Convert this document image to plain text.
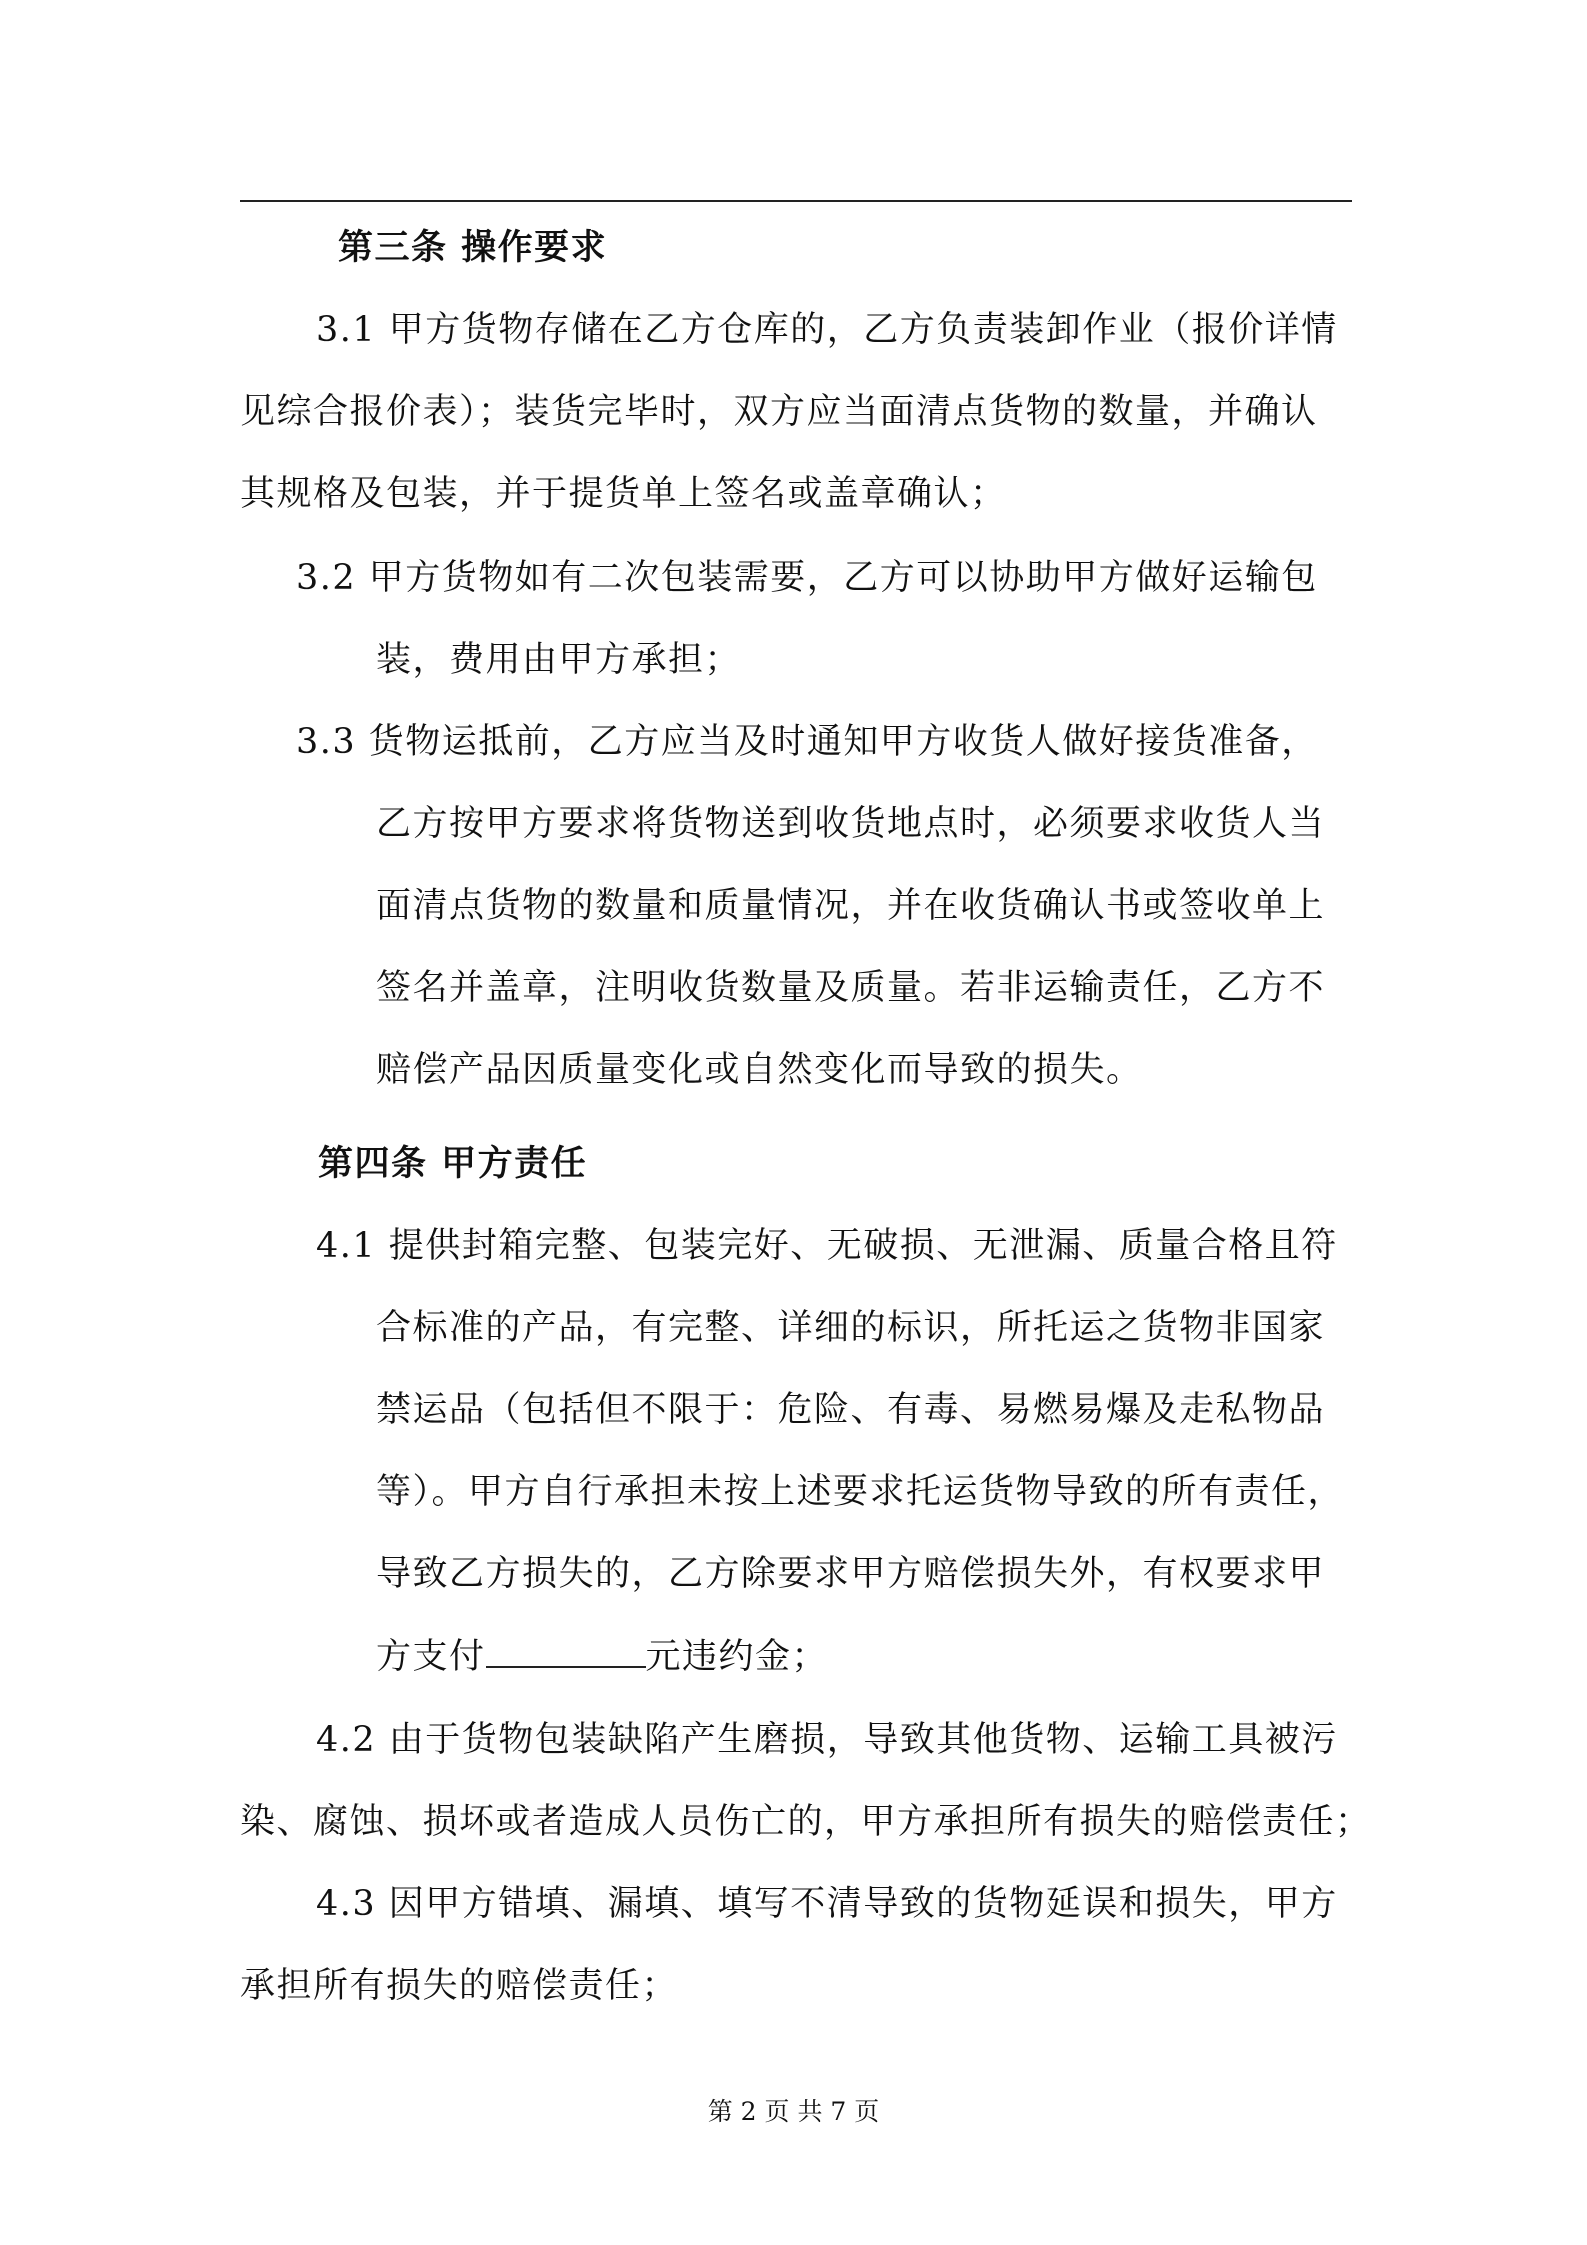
第三条 操作要求
3.1 甲方货物存储在乙方仓库的，乙方负责装卸作业（报价详情
见综合报价表）；装货完毕时，双方应当面清点货物的数量，并确认
其规格及包装，并于提货单上签名或盖章确认；
3.2 甲方货物如有二次包装需要，乙方可以协助甲方做好运输包
装，费用由甲方承担；
3.3 货物运抵前，乙方应当及时通知甲方收货人做好接货准备，
乙方按甲方要求将货物送到收货地点时，必须要求收货人当
面清点货物的数量和质量情况，并在收货确认书或签收单上
签名并盖章，注明收货数量及质量。若非运输责任，乙方不
赔偿产品因质量变化或自然变化而导致的损失。
第四条 甲方责任
4.1 提供封箱完整、包装完好、无破损、无泄漏、质量合格且符
合标准的产品，有完整、详细的标识，所托运之货物非国家
禁运品（包括但不限于：危险、有毒、易燃易爆及走私物品
等）。甲方自行承担未按上述要求托运货物导致的所有责任，
导致乙方损失的，乙方除要求甲方赔偿损失外，有权要求甲
方支付	元违约金；
4.2 由于货物包装缺陷产生磨损，导致其他货物、运输工具被污
染、腐蚀、损坏或者造成人员伤亡的，甲方承担所有损失的赔偿责任；
4.3 因甲方错填、漏填、填写不清导致的货物延误和损失，甲方
承担所有损失的赔偿责任；
第 2 页 共 7 页
